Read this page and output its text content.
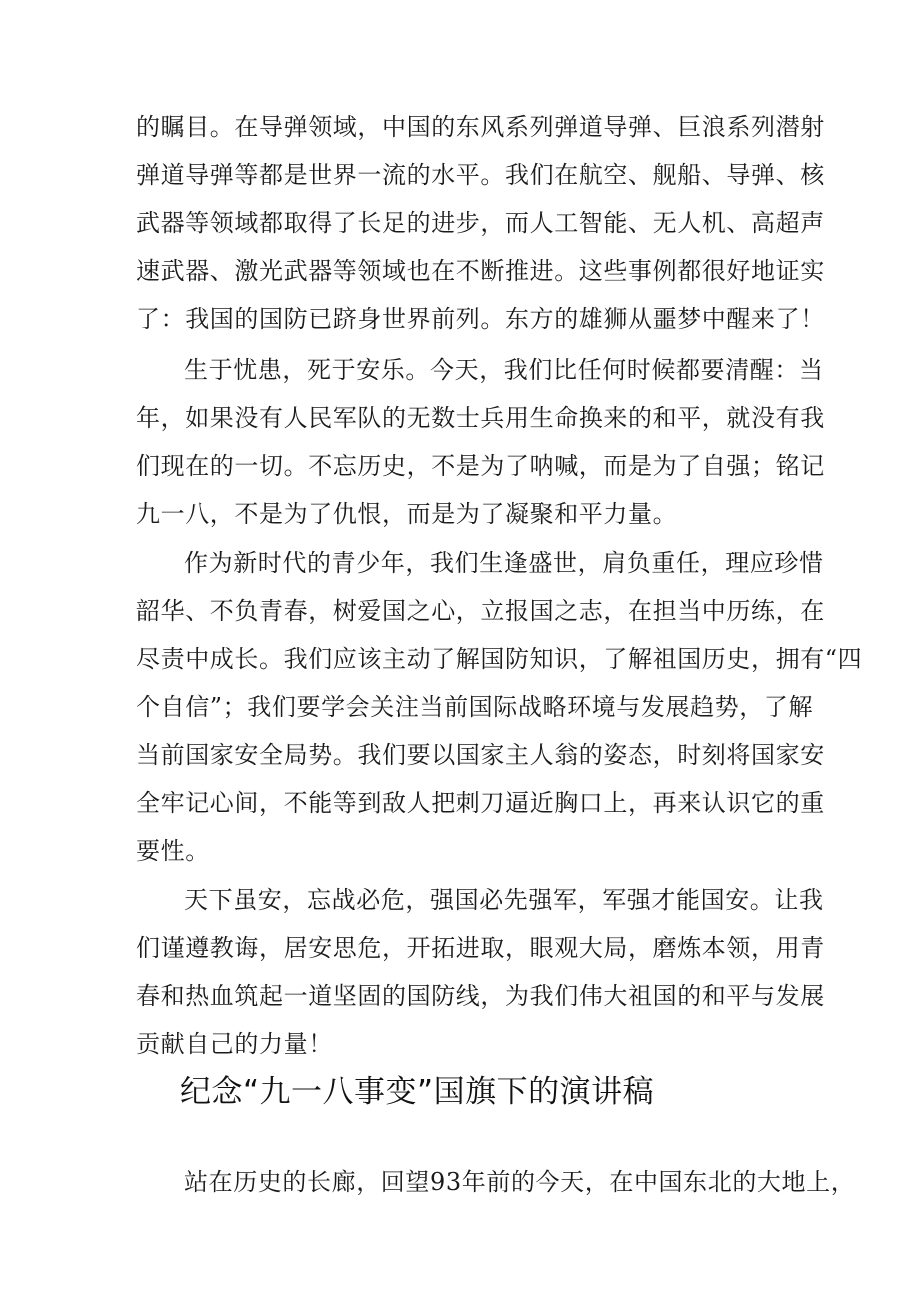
的瞩目。在导弹领域，中国的东风系列弹道导弹、巨浪系列潜射
弹道导弹等都是世界一流的水平。我们在航空、舰船、导弹、核
武器等领域都取得了长足的进步，而人工智能、无人机、高超声
速武器、激光武器等领域也在不断推进。这些事例都很好地证实
了：我国的国防已跻身世界前列。东方的雄狮从噩梦中醒来了！
生于忧患，死于安乐。今天，我们比任何时候都要清醒：当
年，如果没有人民军队的无数士兵用生命换来的和平，就没有我
们现在的一切。不忘历史，不是为了呐喊，而是为了自强；铭记
九一八，不是为了仇恨，而是为了凝聚和平力量。
作为新时代的青少年，我们生逢盛世，肩负重任，理应珍惜
韶华、不负青春，树爱国之心，立报国之志，在担当中历练，在
尽责中成长。我们应该主动了解国防知识，了解祖国历史，拥有“四
个自信”；我们要学会关注当前国际战略环境与发展趋势，了解
当前国家安全局势。我们要以国家主人翁的姿态，时刻将国家安
全牢记心间，不能等到敌人把刺刀逼近胸口上，再来认识它的重
要性。
天下虽安，忘战必危，强国必先强军，军强才能国安。让我
们谨遵教诲，居安思危，开拓进取，眼观大局，磨炼本领，用青
春和热血筑起一道坚固的国防线，为我们伟大祖国的和平与发展
贡献自己的力量！
纪念“九一八事变”国旗下的演讲稿
站在历史的长廊，回望93年前的今天，在中国东北的大地上，
